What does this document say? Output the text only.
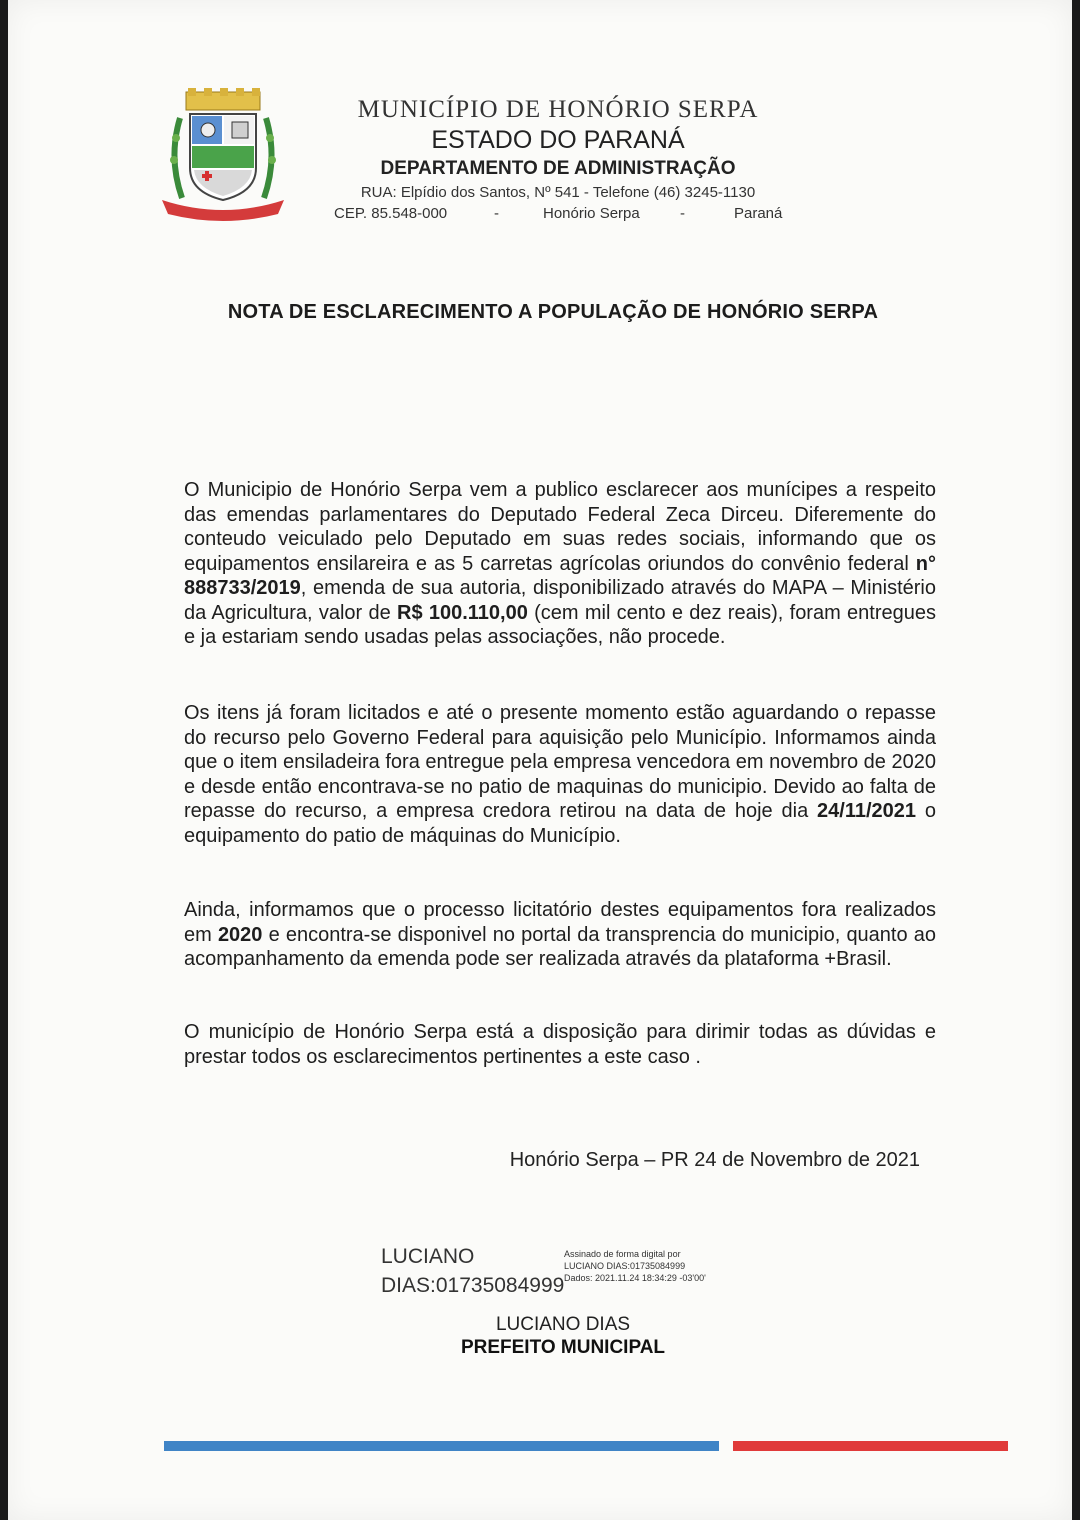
MUNICÍPIO DE HONÓRIO SERPA
ESTADO DO PARANÁ
DEPARTAMENTO DE ADMINISTRAÇÃO
RUA: Elpídio dos Santos, Nº 541 - Telefone (46) 3245-1130
CEP. 85.548-000	-	Honório Serpa	-	Paraná
NOTA DE ESCLARECIMENTO A POPULAÇÃO DE HONÓRIO SERPA

O Municipio de Honório Serpa vem a publico esclarecer aos munícipes a respeito das emendas parlamentares do Deputado Federal Zeca Dirceu. Diferemente do conteudo veiculado pelo Deputado em suas redes sociais, informando que os equipamentos ensilareira e as 5 carretas agrícolas oriundos do convênio federal n° 888733/2019, emenda de sua autoria, disponibilizado através do MAPA – Ministério da Agricultura, valor de R$ 100.110,00 (cem mil cento e dez reais), foram entregues e ja estariam sendo usadas pelas associações, não procede.

Os itens já foram licitados e até o presente momento estão aguardando o repasse do recurso pelo Governo Federal para aquisição pelo Município. Informamos ainda que o item ensiladeira fora entregue pela empresa vencedora em novembro de 2020 e desde então encontrava-se no patio de maquinas do municipio. Devido ao falta de repasse do recurso, a empresa credora retirou na data de hoje dia 24/11/2021 o equipamento do patio de máquinas do Município.

Ainda, informamos que o processo licitatório destes equipamentos fora realizados em 2020 e encontra-se disponivel no portal da transprencia do municipio, quanto ao acompanhamento da emenda pode ser realizada através da plataforma +Brasil.

O município de Honório Serpa está a disposição para dirimir todas as dúvidas e prestar todos os esclarecimentos pertinentes a este caso .

Honório Serpa – PR 24 de Novembro de 2021
LUCIANO
DIAS:01735084999
Assinado de forma digital por
LUCIANO DIAS:01735084999
Dados: 2021.11.24 18:34:29 -03'00'
LUCIANO DIAS
PREFEITO MUNICIPAL
